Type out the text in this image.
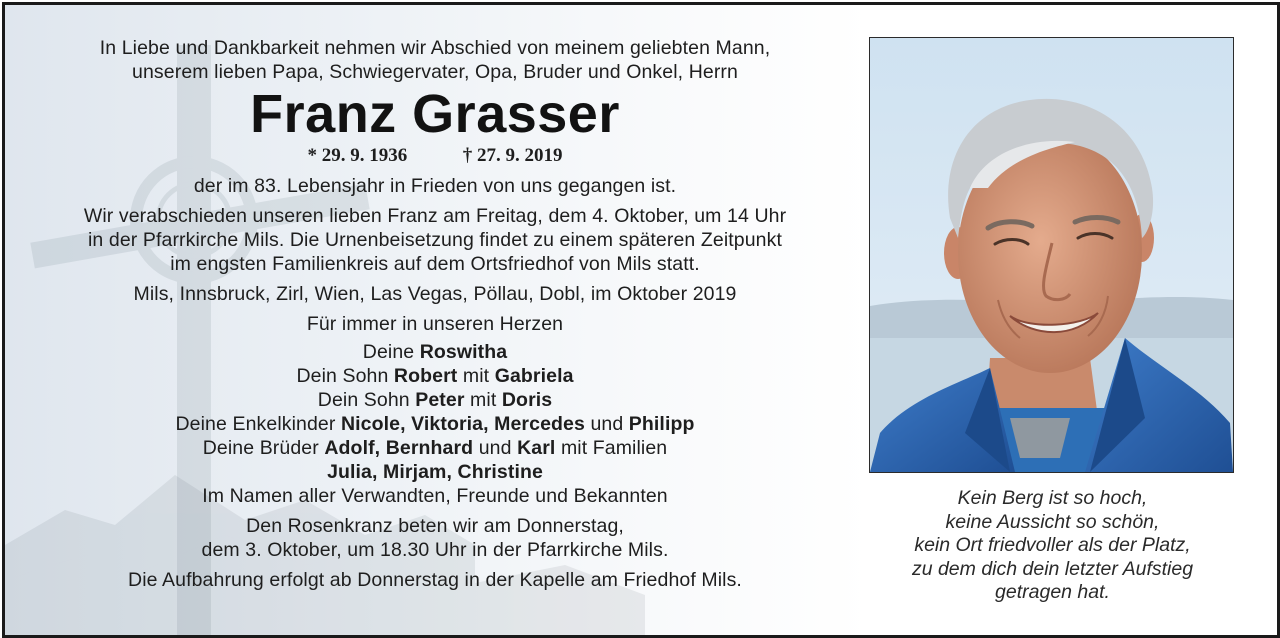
In Liebe und Dankbarkeit nehmen wir Abschied von meinem geliebten Mann,
unserem lieben Papa, Schwiegervater, Opa, Bruder und Onkel, Herrn
Franz Grasser
* 29. 9. 1936	† 27. 9. 2019
der im 83. Lebensjahr in Frieden von uns gegangen ist.
Wir verabschieden unseren lieben Franz am Freitag, dem 4. Oktober, um 14 Uhr
in der Pfarrkirche Mils. Die Urnenbeisetzung findet zu einem späteren Zeitpunkt
im engsten Familienkreis auf dem Ortsfriedhof von Mils statt.
Mils, Innsbruck, Zirl, Wien, Las Vegas, Pöllau, Dobl, im Oktober 2019
Für immer in unseren Herzen
Deine Roswitha
Dein Sohn Robert mit Gabriela
Dein Sohn Peter mit Doris
Deine Enkelkinder Nicole, Viktoria, Mercedes und Philipp
Deine Brüder Adolf, Bernhard und Karl mit Familien
Julia, Mirjam, Christine
Im Namen aller Verwandten, Freunde und Bekannten
Den Rosenkranz beten wir am Donnerstag,
dem 3. Oktober, um 18.30 Uhr in der Pfarrkirche Mils.
Die Aufbahrung erfolgt ab Donnerstag in der Kapelle am Friedhof Mils.
Kein Berg ist so hoch,
keine Aussicht so schön,
kein Ort friedvoller als der Platz,
zu dem dich dein letzter Aufstieg
getragen hat.
